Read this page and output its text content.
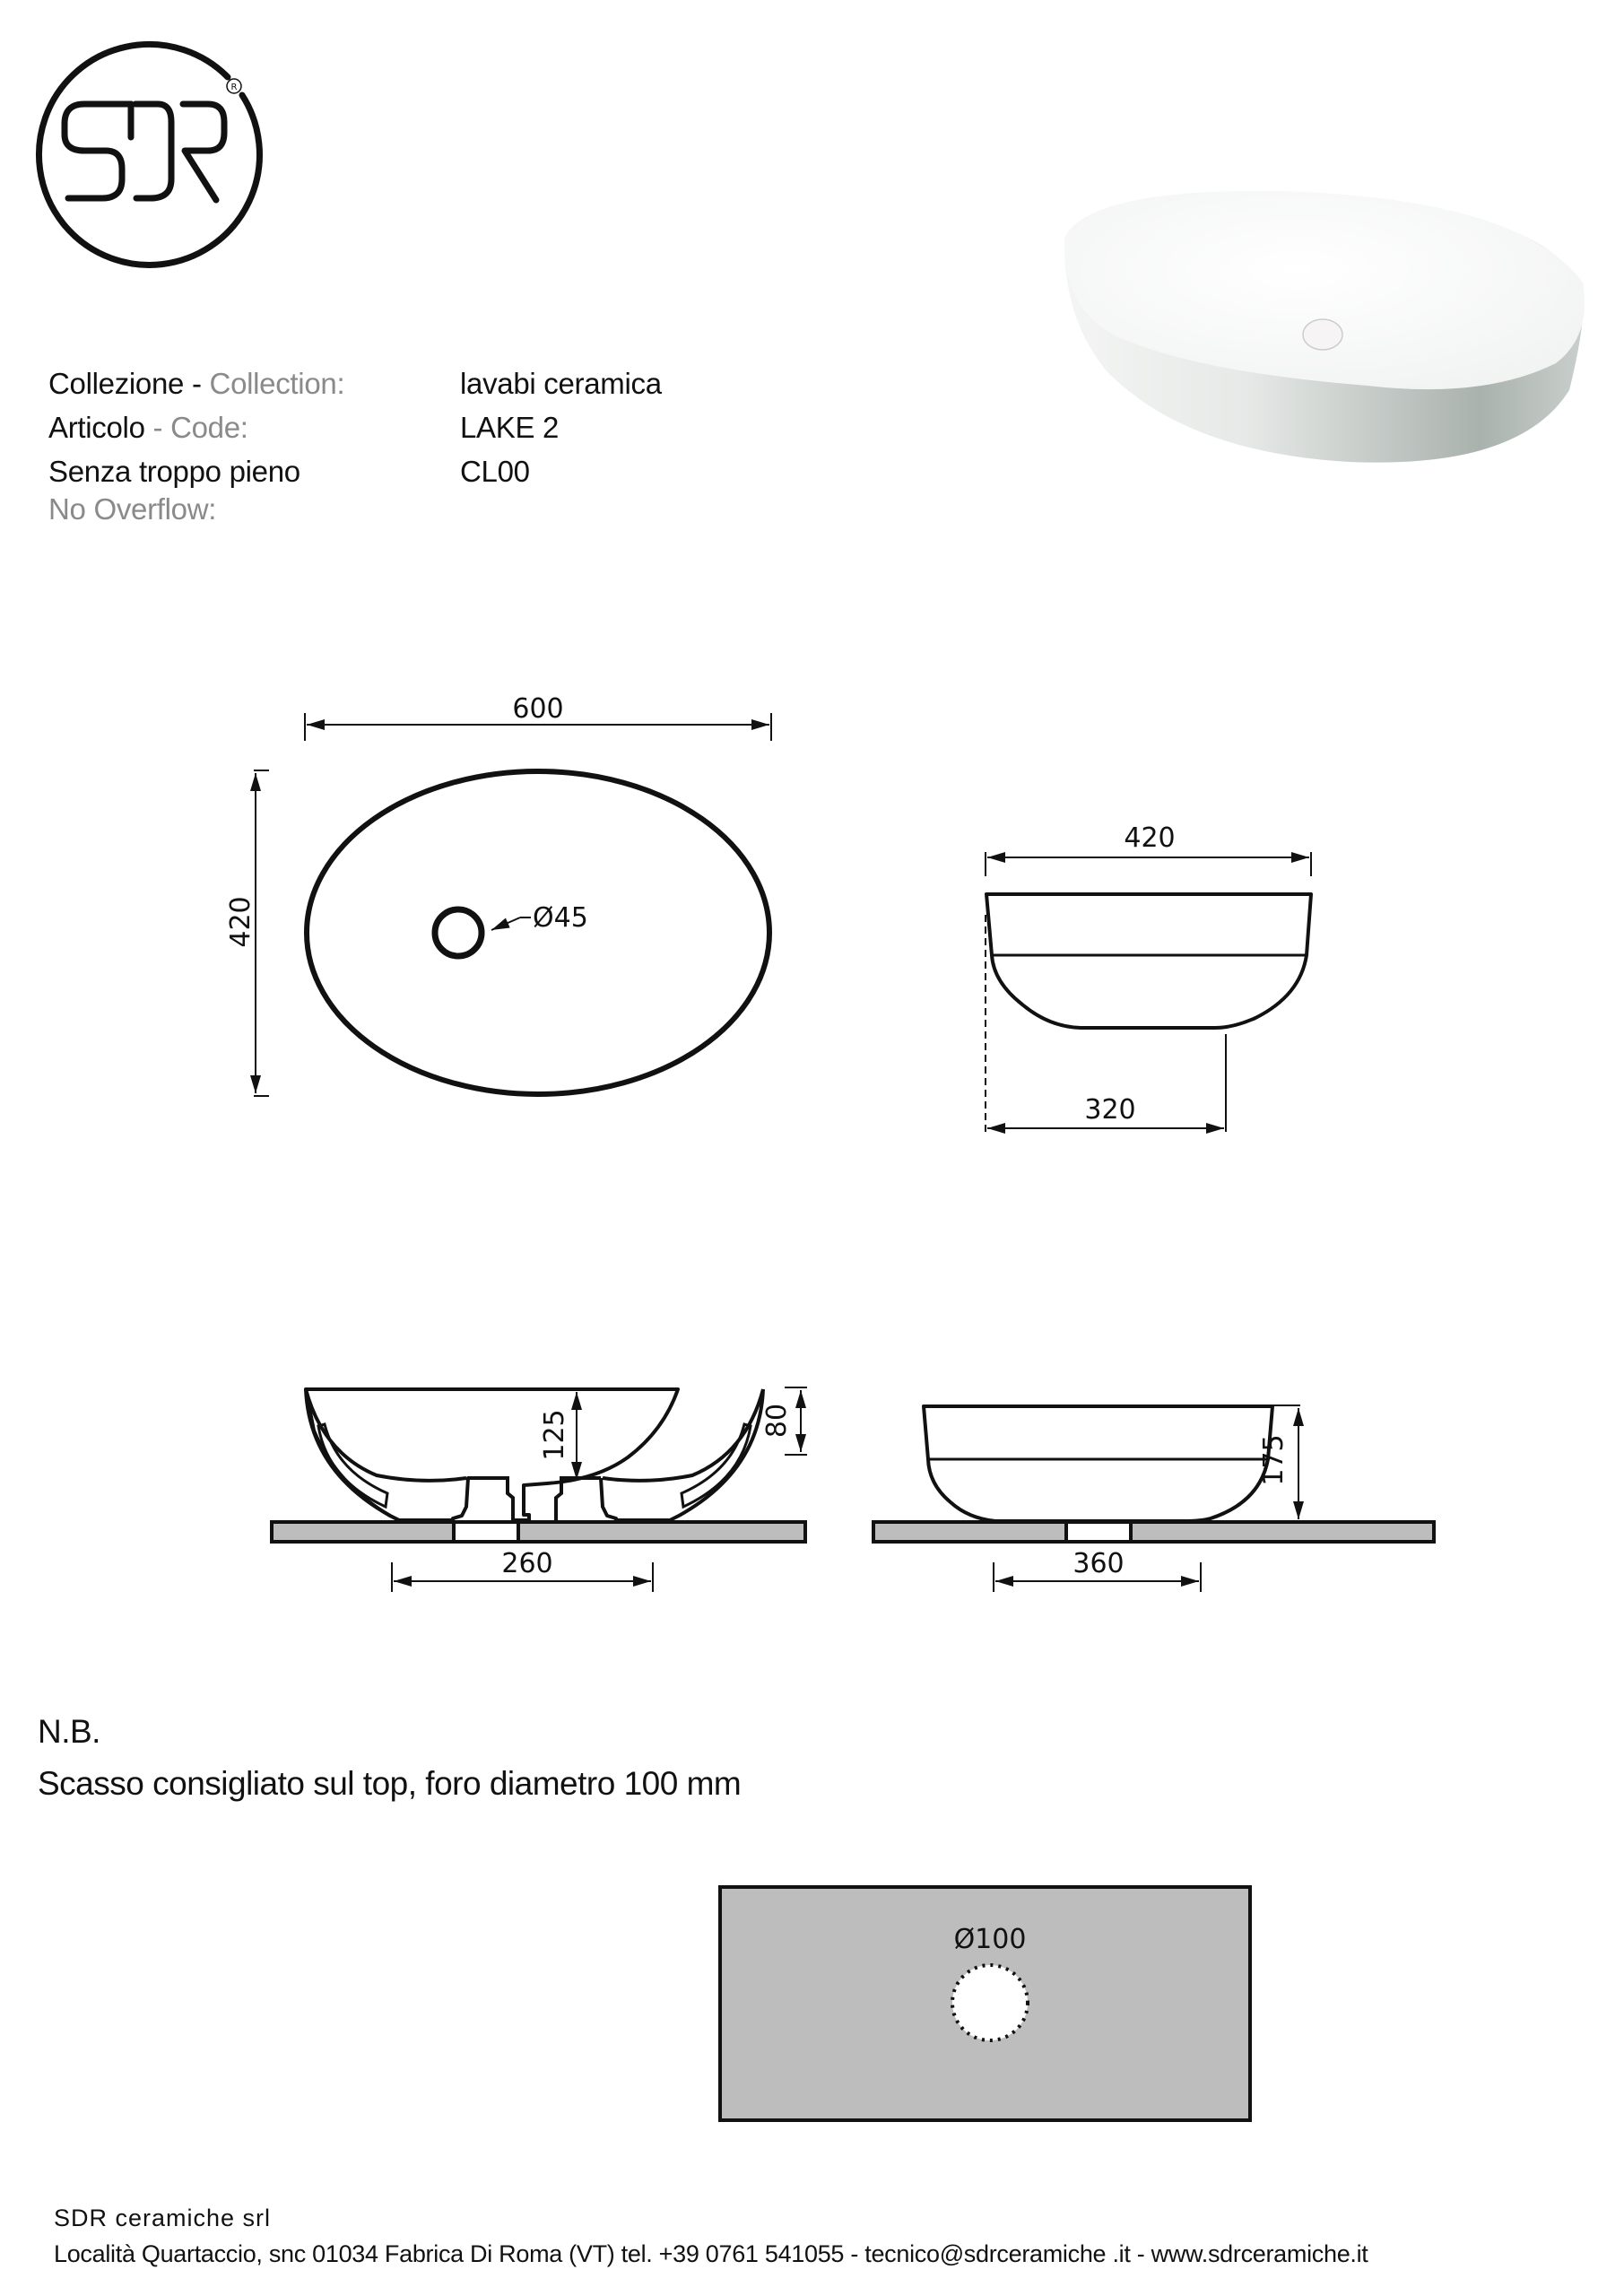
R
Collezione - Collection:	lavabi ceramica
Articolo - Code:	LAKE 2
Senza troppo pieno	CL00
No Overflow:
600
420	Ø45
420
320
125	80
260
175
360
Ø100
N.B.
Scasso consigliato sul top, foro diametro 100 mm
SDR ceramiche srl
Località Quartaccio, snc 01034 Fabrica Di Roma (VT) tel. +39 0761 541055 - tecnico@sdrceramiche .it - www.sdrceramiche.it
